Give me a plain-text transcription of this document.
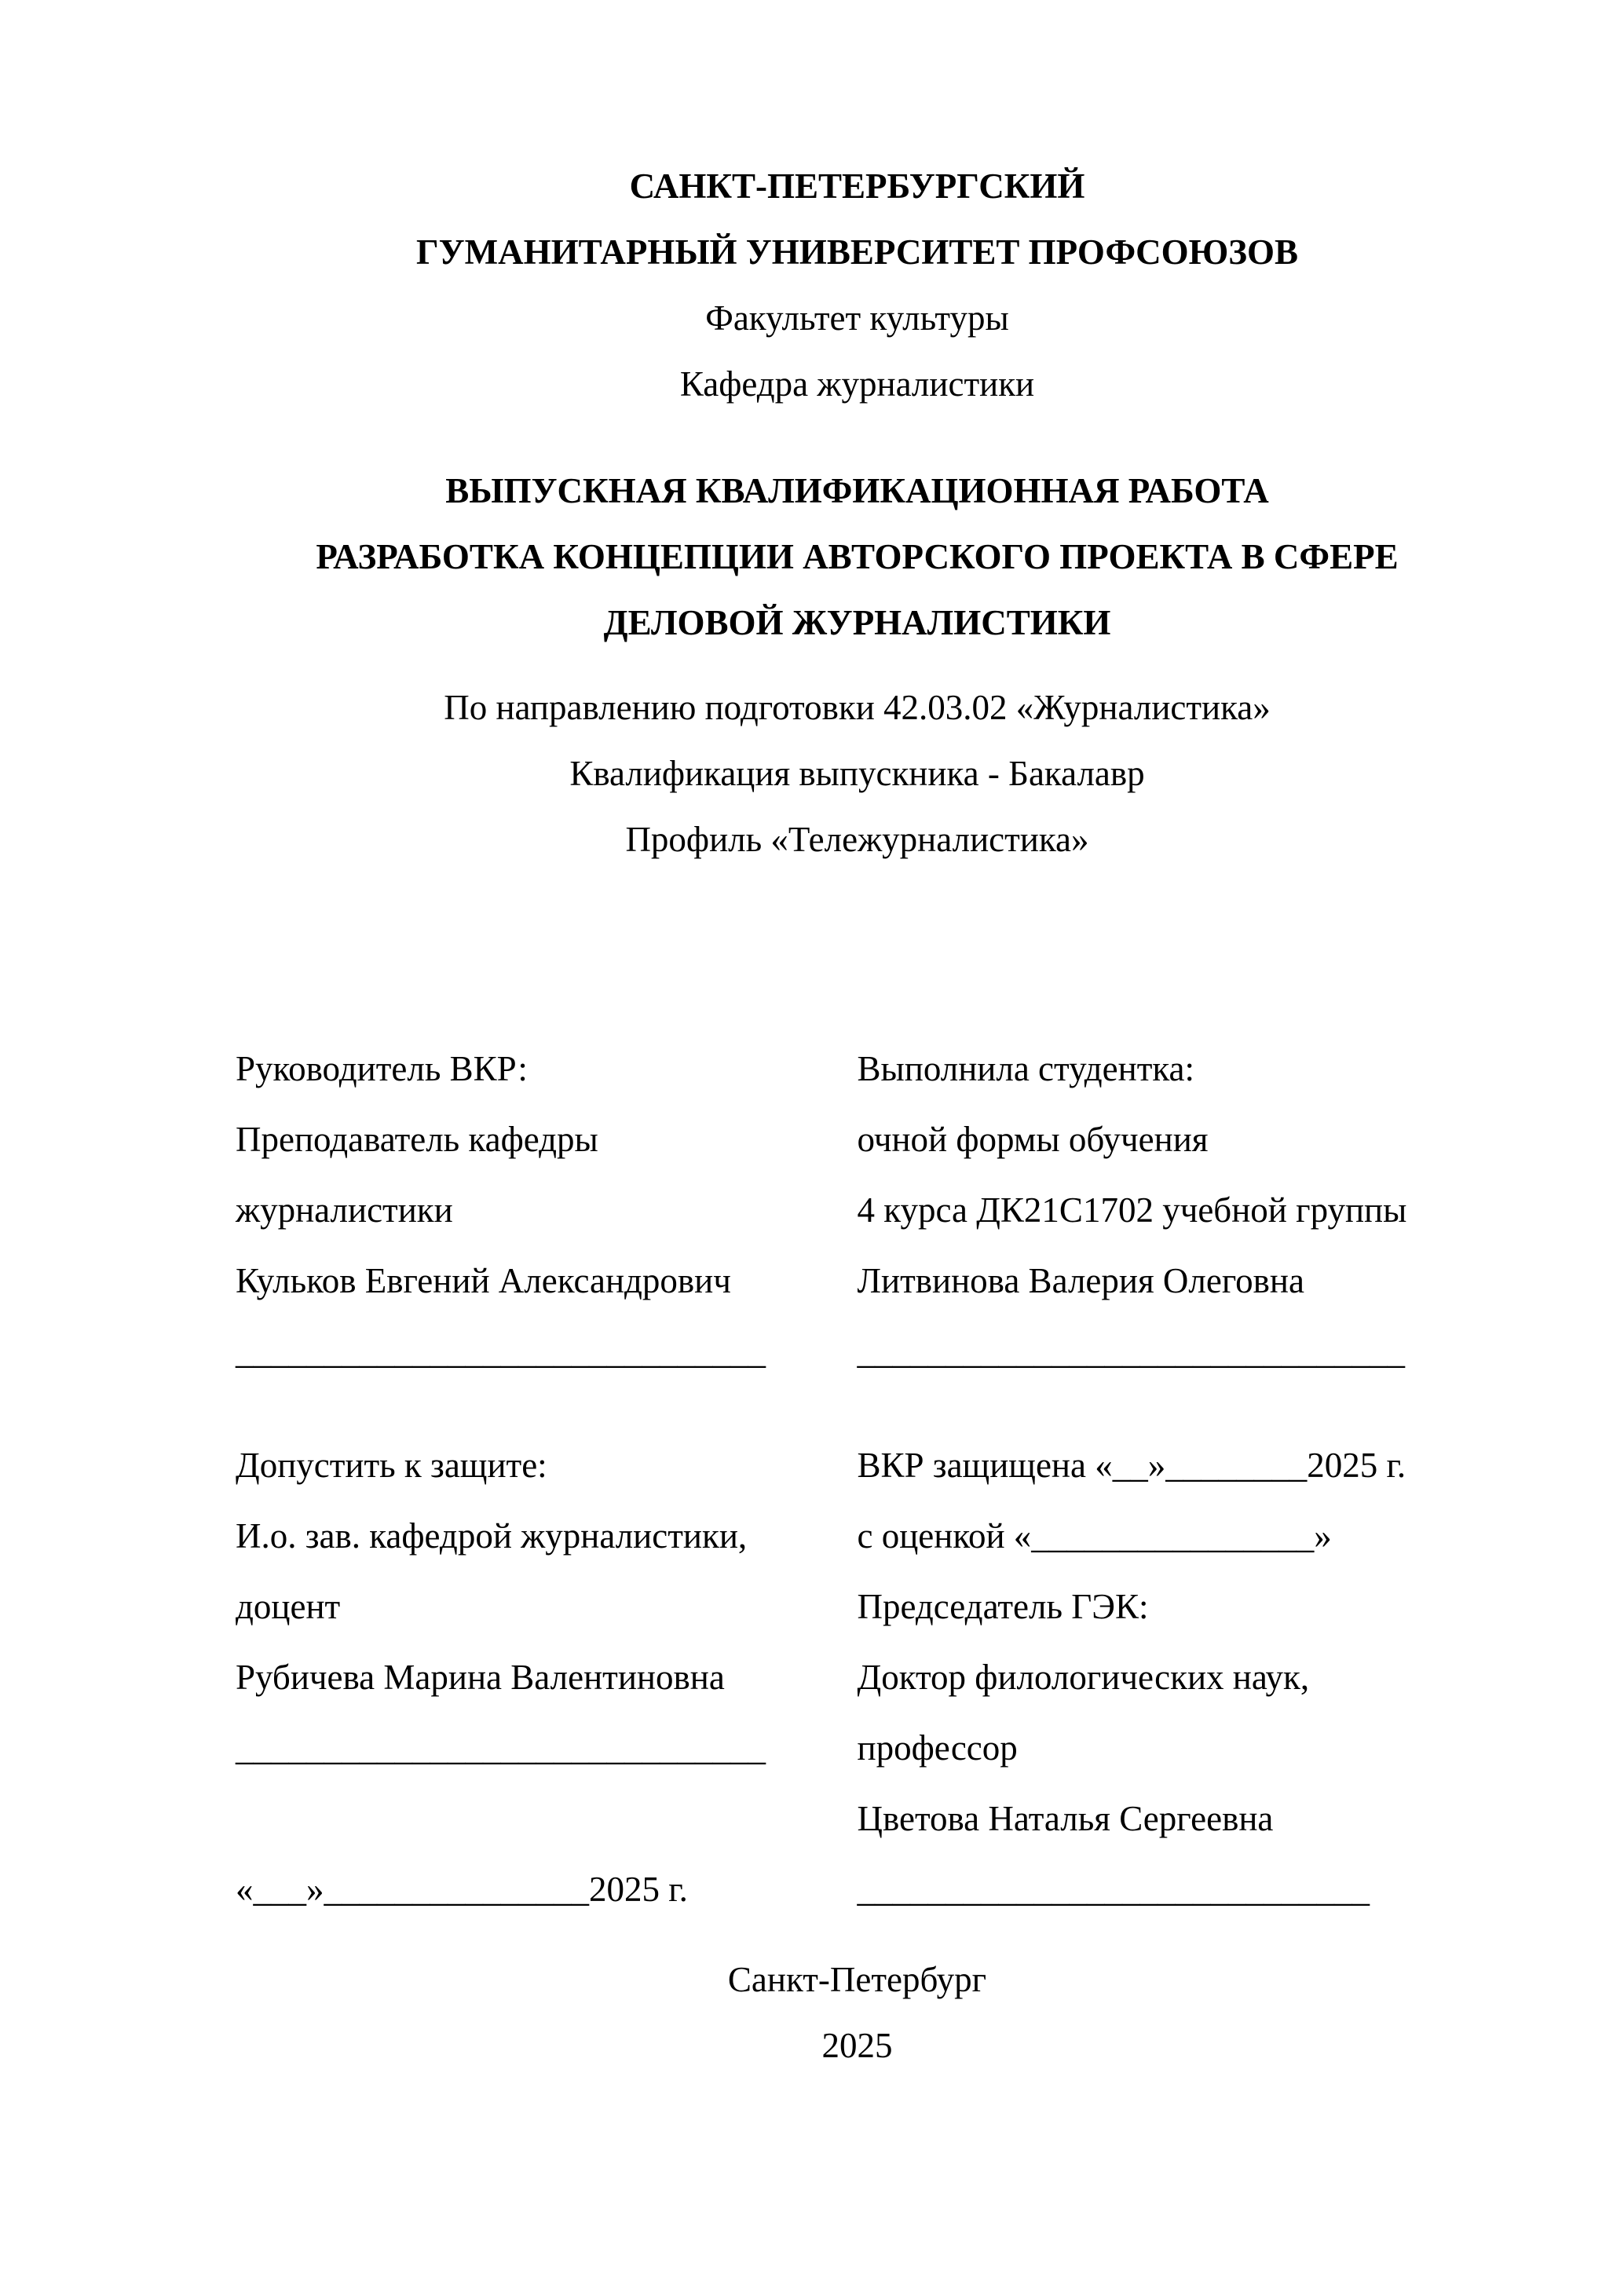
САНКТ-ПЕТЕРБУРГСКИЙ
ГУМАНИТАРНЫЙ УНИВЕРСИТЕТ ПРОФСОЮЗОВ
Факультет культуры
Кафедра журналистики
ВЫПУСКНАЯ КВАЛИФИКАЦИОННАЯ РАБОТА
РАЗРАБОТКА КОНЦЕПЦИИ АВТОРСКОГО ПРОЕКТА В СФЕРЕ
ДЕЛОВОЙ ЖУРНАЛИСТИКИ
По направлению подготовки 42.03.02 «Журналистика»
Квалификация выпускника - Бакалавр
Профиль «Тележурналистика»
Руководитель ВКР:
Преподаватель кафедры
журналистики
Кульков Евгений Александрович
______________________________
Выполнила студентка:
очной формы обучения
4 курса ДК21С1702 учебной группы
Литвинова Валерия Олеговна
_______________________________
Допустить к защите:
И.о. зав. кафедрой журналистики,
доцент
Рубичева Марина Валентиновна
______________________________
«___»_______________2025 г.
ВКР защищена «__»________2025 г.
с оценкой «________________»
Председатель ГЭК:
Доктор филологических наук,
профессор
Цветова Наталья Сергеевна
_____________________________
Санкт-Петербург
2025
